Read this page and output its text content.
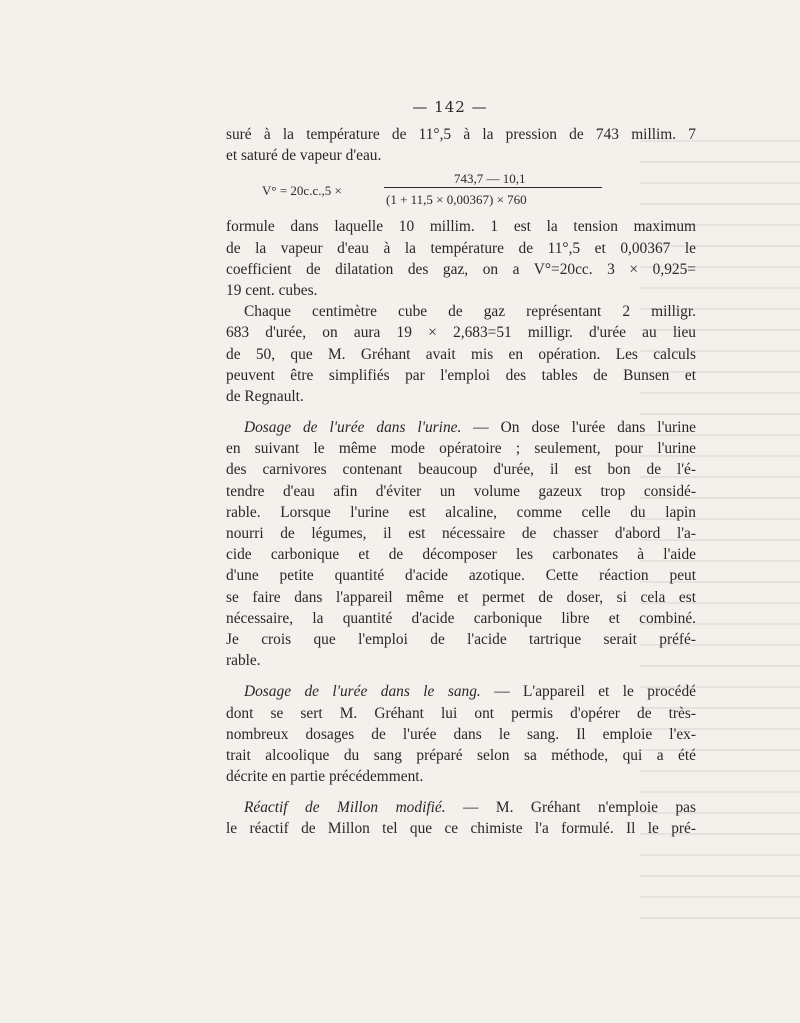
— 142 —
suré à la température de 11°,5 à la pression de 743 millim. 7
et saturé de vapeur d'eau.
V° = 20c.c.,5 ×
743,7 — 10,1
(1 + 11,5 × 0,00367) × 760
formule dans laquelle 10 millim. 1 est la tension maximum
de la vapeur d'eau à la température de 11°,5 et 0,00367 le
coefficient de dilatation des gaz, on a V°=20cc. 3 × 0,925=
19 cent. cubes.
Chaque centimètre cube de gaz représentant 2 milligr.
683 d'urée, on aura 19 × 2,683=51 milligr. d'urée au lieu
de 50, que M. Gréhant avait mis en opération. Les calculs
peuvent être simplifiés par l'emploi des tables de Bunsen et
de Regnault.
Dosage de l'urée dans l'urine. — On dose l'urée dans l'urine
en suivant le même mode opératoire ; seulement, pour l'urine
des carnivores contenant beaucoup d'urée, il est bon de l'é-
tendre d'eau afin d'éviter un volume gazeux trop considé-
rable. Lorsque l'urine est alcaline, comme celle du lapin
nourri de légumes, il est nécessaire de chasser d'abord l'a-
cide carbonique et de décomposer les carbonates à l'aide
d'une petite quantité d'acide azotique. Cette réaction peut
se faire dans l'appareil même et permet de doser, si cela est
nécessaire, la quantité d'acide carbonique libre et combiné.
Je crois que l'emploi de l'acide tartrique serait préfé-
rable.
Dosage de l'urée dans le sang. — L'appareil et le procédé
dont se sert M. Gréhant lui ont permis d'opérer de très-
nombreux dosages de l'urée dans le sang. Il emploie l'ex-
trait alcoolique du sang préparé selon sa méthode, qui a été
décrite en partie précédemment.
Réactif de Millon modifié. — M. Gréhant n'emploie pas
le réactif de Millon tel que ce chimiste l'a formulé. Il le pré-
